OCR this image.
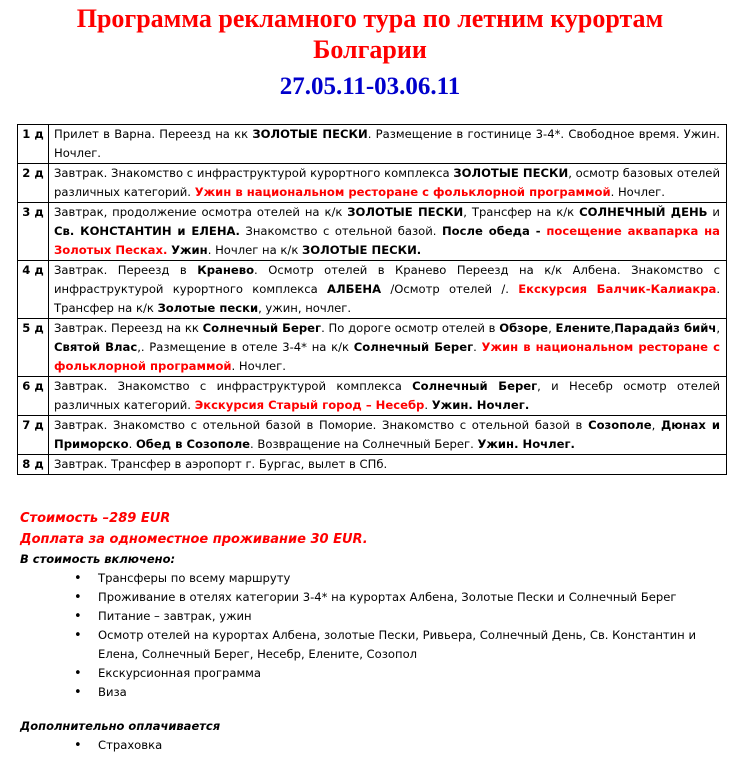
Программа рекламного тура по летним курортам
Болгарии
27.05.11-03.06.11
1 д	Прилет в Варна. Переезд на кк ЗОЛОТЫЕ ПЕСКИ. Размещение в гостинице 3-4*. Свободное время. Ужин. Ночлег.
2 д	Завтрак. Знакомство с инфраструктурой курортного комплекса ЗОЛОТЫЕ ПЕСКИ, осмотр базовых отелей различных категорий. Ужин в национальном ресторане с фольклорной программой. Ночлег.
3 д	Завтрак, продолжение осмотра отелей на к/к ЗОЛОТЫЕ ПЕСКИ, Трансфер на к/к СОЛНЕЧНЫЙ ДЕНЬ и Св. КОНСТАНТИН и ЕЛЕНА. Знакомство с отельной базой. После обеда - посещение аквапарка на Золотых Песках. Ужин. Ночлег на к/к ЗОЛОТЫЕ ПЕСКИ.
4 д	Завтрак. Переезд в Кранево. Осмотр отелей в Кранево Переезд на к/к Албена. Знакомство с инфраструктурой курортного комплекса АЛБЕНА /Осмотр отелей /. Екскурсия Балчик-Калиакра. Трансфер на к/к Золотые пески, ужин, ночлег.
5 д	Завтрак. Переезд на кк Солнечный Берег. По дороге осмотр отелей в Обзоре, Елените,Парадайз бийч, Святой Влас,. Размещение в отеле 3-4* на к/к Солнечный Берег. Ужин в национальном ресторане с фольклорной программой. Ночлег.
6 д	Завтрак. Знакомство с инфраструктурой комплекса Солнечный Берег, и Несебр осмотр отелей различных категорий. Экскурсия Старый город – Несебр. Ужин. Ночлег.
7 д	Завтрак. Знакомство с отельной базой в Поморие. Знакомство с отельной базой в Созополе, Дюнах и Приморско. Обед в Созополе. Возвращение на Солнечный Берег. Ужин. Ночлег.
8 д	Завтрак. Трансфер в аэропорт г. Бургас, вылет в СПб.
Стоимость –289 EUR
Доплата за одноместное проживание 30 EUR.
В стоимость включено:
• Трансферы по всему маршруту
• Проживание в отелях категории 3-4* на курортах Албена, Золотые Пески и Солнечный Берег
• Питание – завтрак, ужин
• Осмотр отелей на курортах Албена, золотые Пески, Ривьера, Солнечный День, Св. Константин и Елена, Солнечный Берег, Несебр, Елените, Созопол
• Екскурсионная программа
• Виза
Дополнительно оплачивается
• Страховка
